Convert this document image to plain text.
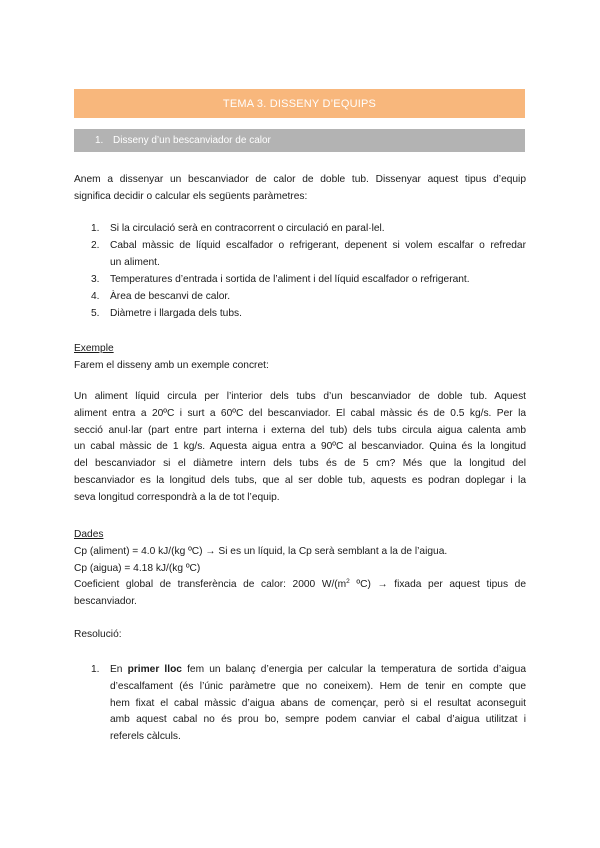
TEMA 3. DISSENY D’EQUIPS
1. Disseny d’un bescanviador de calor
Anem a dissenyar un bescanviador de calor de doble tub. Dissenyar aquest tipus d’equip
significa decidir o calcular els següents paràmetres:
1. Si la circulació serà en contracorrent o circulació en paral·lel.
2. Cabal màssic de líquid escalfador o refrigerant, depenent si volem escalfar o refredar
un aliment.
3. Temperatures d’entrada i sortida de l’aliment i del líquid escalfador o refrigerant.
4. Àrea de bescanvi de calor.
5. Diàmetre i llargada dels tubs.
Exemple
Farem el disseny amb un exemple concret:
Un aliment líquid circula per l’interior dels tubs d’un bescanviador de doble tub. Aquest
aliment entra a 20ºC i surt a 60ºC del bescanviador. El cabal màssic és de 0.5 kg/s. Per la
secció anul·lar (part entre part interna i externa del tub) dels tubs circula aigua calenta amb
un cabal màssic de 1 kg/s. Aquesta aigua entra a 90ºC al bescanviador. Quina és la longitud
del bescanviador si el diàmetre intern dels tubs és de 5 cm? Més que la longitud del
bescanviador es la longitud dels tubs, que al ser doble tub, aquests es podran doplegar i la
seva longitud correspondrà a la de tot l’equip.
Dades
Cp (aliment) = 4.0 kJ/(kg ºC) → Si es un líquid, la Cp serà semblant a la de l’aigua.
Cp (aigua) = 4.18 kJ/(kg ºC)
Coeficient global de transferència de calor: 2000 $W/(m^2$ ºC) → fixada per aquest tipus de
bescanviador.
Resolució:
1. En primer lloc fem un balanç d’energia per calcular la temperatura de sortida d’aigua
d’escalfament (és l’únic paràmetre que no coneixem). Hem de tenir en compte que
hem fixat el cabal màssic d’aigua abans de començar, però si el resultat aconseguit
amb aquest cabal no és prou bo, sempre podem canviar el cabal d’aigua utilitzat i
referels càlculs.
